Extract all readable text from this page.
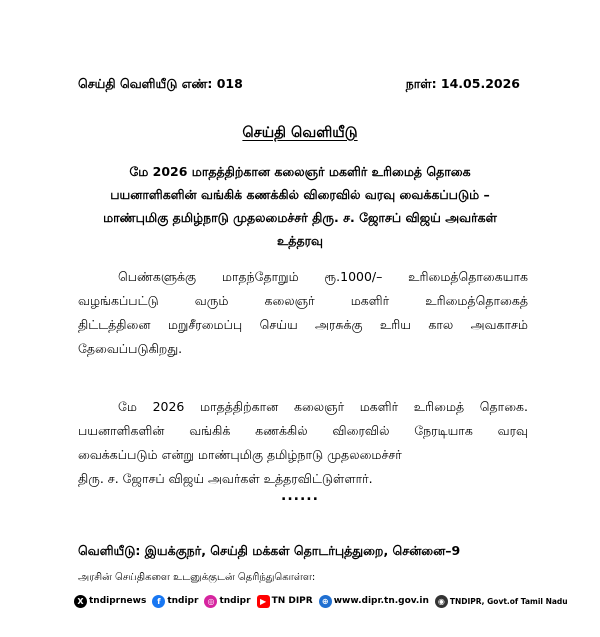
செய்தி வெளியீடு எண்: 018	நாள்: 14.05.2026
செய்தி வெளியீடு
மே 2026 மாதத்திற்கான கலைஞர் மகளிர் உரிமைத் தொகை
பயனாளிகளின் வங்கிக் கணக்கில் விரைவில் வரவு வைக்கப்படும் –
மாண்புமிகு தமிழ்நாடு முதலமைச்சர் திரு. ச. ஜோசப் விஜய் அவர்கள்
உத்தரவு
பெண்களுக்கு மாதந்தோறும் ரூ.1000/– உரிமைத்தொகையாக
வழங்கப்பட்டு வரும் கலைஞர் மகளிர் உரிமைத்தொகைத்
திட்டத்தினை மறுசீரமைப்பு செய்ய அரசுக்கு உரிய கால அவகாசம்
தேவைப்படுகிறது.
மே 2026 மாதத்திற்கான கலைஞர் மகளிர் உரிமைத் தொகை.
பயனாளிகளின் வங்கிக் கணக்கில் விரைவில் நேரடியாக வரவு
வைக்கப்படும் என்று மாண்புமிகு தமிழ்நாடு முதலமைச்சர்
திரு. ச. ஜோசப் விஜய் அவர்கள் உத்தரவிட்டுள்ளார்.
......
வெளியீடு: இயக்குநர், செய்தி மக்கள் தொடர்புத்துறை, சென்னை–9
அரசின் செய்திகளை உடனுக்குடன் தெரிந்துகொள்ள:
X tndiprnews	f tndipr	◎ tndipr	▶ TN DIPR	⊕ www.dipr.tn.gov.in	◉ TNDIPR, Govt.of Tamil Nadu
